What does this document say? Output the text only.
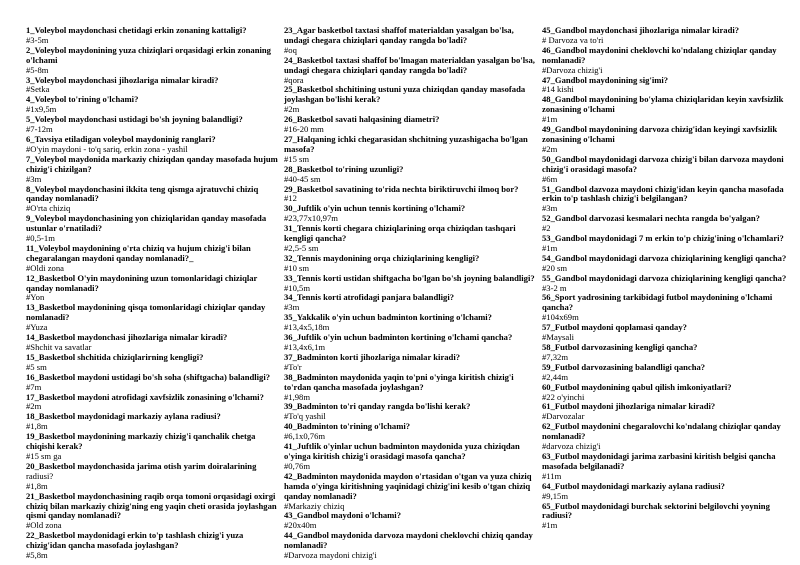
1_Voleybol maydonchasi chetidagi erkin zonaning kattaligi?
#3-5m
2_Voleybol maydonining yuza chiziqlari orqasidagi erkin zonaning o'lchami
#5-8m
3_Voleybol maydonchasi jihozlariga nimalar kiradi?
#Setka
4_Voleybol to'rining o'lchami?
#1x9,5m
5_Voleybol maydonchasi ustidagi bo'sh joyning balandligi?
#7-12m
6_Tavsiya etiladigan voleybol maydoninig ranglari?
#O'yin maydoni - to'q sariq, erkin zona - yashil
7_Voleybol maydonida markaziy chiziqdan qanday masofada hujum chizig'i chizilgan?
#3m
8_Voleybol maydonchasini ikkita teng qismga ajratuvchi chiziq qanday nomlanadi?
#O'rta chiziq
9_Voleybol maydonchasining yon chiziqlaridan qanday masofada ustunlar o'rnatiladi?
#0,5-1m
11_Voleybol maydonining o'rta chiziq va hujum chizig'i bilan chegaralangan maydoni qanday nomlanadi?_
#Oldi zona
12_Basketbol O'yin maydonining uzun tomonlaridagi chiziqlar qanday nomlanadi?
#Yon
13_Basketbol maydonining qisqa tomonlaridagi chiziqlar qanday nomlanadi?
#Yuza
14_Basketbol maydonchasi jihozlariga nimalar kiradi?
#Shchit va savatlar
15_Basketbol shchitida chiziqlarirning kengligi?
#5 sm
16_Basketbol maydoni ustidagi bo'sh soha (shiftgacha) balandligi?
#7m
17_Basketbol maydoni atrofidagi xavfsizlik zonasining o'lchami?
#2m
18_Basketbol maydonidagi markaziy aylana radiusi?
#1,8m
19_Basketbol maydonining markaziy chizig'i qanchalik chetga chiqishi kerak?
#15 sm ga
20_Basketbol maydonchasida jarima otish yarim doiralarining
radiusi?
#1,8m
21_Basketbol maydonchasining raqib orqa tomoni orqasidagi oxirgi chiziq bilan markaziy chizig'ning eng yaqin cheti orasida joylashgan qismi qanday nomlanadi?
#Old zona
22_Basketbol maydonidagi erkin to'p tashlash chizig'i yuza chizig'idan qancha masofada joylashgan?
#5,8m
23_Agar basketbol taxtasi shaffof materialdan yasalgan bo'lsa, undagi chegara chiziqlari qanday rangda bo'ladi?
#oq
24_Basketbol taxtasi shaffof bo'lmagan materialdan yasalgan bo'lsa, undagi chegara chiziqlari qanday rangda bo'ladi?
#qora
25_Basketbol shchitining ustuni yuza chiziqdan qanday masofada joylashgan bo'lishi kerak?
#2m
26_Basketbol savati halqasining diametri?
#16-20 mm
27_Halqaning ichki chegarasidan shchitning yuzashigacha bo'lgan masofa?
#15 sm
28_Basketbol to'rining uzunligi?
#40-45 sm
29_Basketbol savatining to'rida nechta biriktiruvchi ilmoq bor?
#12
30_Juftlik o'yin uchun tennis kortining o'lchami?
#23,77x10,97m
31_Tennis korti chegara chiziqlarining orqa chiziqdan tashqari kengligi qancha?
#2,5-5 sm
32_Tennis maydonining orqa chiziqlarining kengligi?
#10 sm
33_Tennis korti ustidan shiftgacha bo'lgan bo'sh joyning balandligi?
#10,5m
34_Tennis korti atrofidagi panjara balandligi?
#3m
35_Yakkalik o'yin uchun badminton kortining o'lchami?
#13,4x5,18m
36_Juftlik o'yin uchun badminton kortining o'lchami qancha?
#13,4x6,1m
37_Badminton korti jihozlariga nimalar kiradi?
#To'r
38_Badminton maydonida yaqin to'pni o'yinga kiritish chizig'i to'rdan qancha masofada joylashgan?
#1,98m
39_Badminton to'ri qanday rangda bo'lishi kerak?
#To'q yashil
40_Badminton to'rining o'lchami?
#6,1x0,76m
41_Juftlik o'yinlar uchun badminton maydonida yuza chiziqdan o'yinga kiritish chizig'i orasidagi masofa qancha?
#0,76m
42_Badminton maydonida maydon o'rtasidan o'tgan va yuza chiziq hamda o'yinga kiritishning yaqinidagi chizig'ini kesib o'tgan chiziq qanday nomlanadi?
#Markaziy chiziq
43_Gandbol maydoni o'lchami?
#20x40m
44_Gandbol maydonida darvoza maydoni cheklovchi chiziq qanday nomlanadi?
#Darvoza maydoni chizig'i
45_Gandbol maydonchasi jihozlariga nimalar kiradi?
# Darvoza va to'ri
46_Gandbol maydonini cheklovchi ko'ndalang chiziqlar qanday nomlanadi?
#Darvoza chizig'i
47_Gandbol maydonining sig'imi?
#14 kishi
48_Gandbol maydonining bo'ylama chiziqlaridan keyin xavfsizlik zonasining o'lchami
#1m
49_Gandbol maydonining darvoza chizig'idan keyingi xavfsizlik zonasining o'lchami
#2m
50_Gandbol maydonidagi darvoza chizig'i bilan darvoza maydoni chizig'i orasidagi masofa?
#6m
51_Gandbol dazvoza maydoni chizig'idan keyin qancha masofada erkin to'p tashlash chizig'i belgilangan?
#3m
52_Gandbol darvozasi kesmalari nechta rangda bo'yalgan?
#2
53_Gandbol maydonidagi 7 m erkin to'p chizig'ining o'lchamlari?
#1m
54_Gandbol maydonidagi darvoza chiziqlarining kengligi qancha?
#20 sm
55_Gandbol maydonidagi darvoza chiziqlarining kengligi qancha?
#3-2 m
56_Sport yadrosining tarkibidagi futbol maydonining o'lchami qancha?
#104x69m
57_Futbol maydoni qoplamasi qanday?
#Maysali
58_Futbol darvozasining kengligi qancha?
#7,32m
59_Futbol darvozasining balandligi qancha?
#2,44m
60_Futbol maydonining qabul qilish imkoniyatlari?
#22 o'yinchi
61_Futbol maydoni jihozlariga nimalar kiradi?
#Darvozalar
62_Futbol maydonini chegaralovchi ko'ndalang chiziqlar qanday nomlanadi?
#darvoza chizig'i
63_Futbol maydonidagi jarima zarbasini kiritish belgisi qancha masofada belgilanadi?
#11m
64_Futbol maydonidagi markaziy aylana radiusi?
#9,15m
65_Futbol maydonidagi burchak sektorini belgilovchi yoyning radiusi?
#1m
